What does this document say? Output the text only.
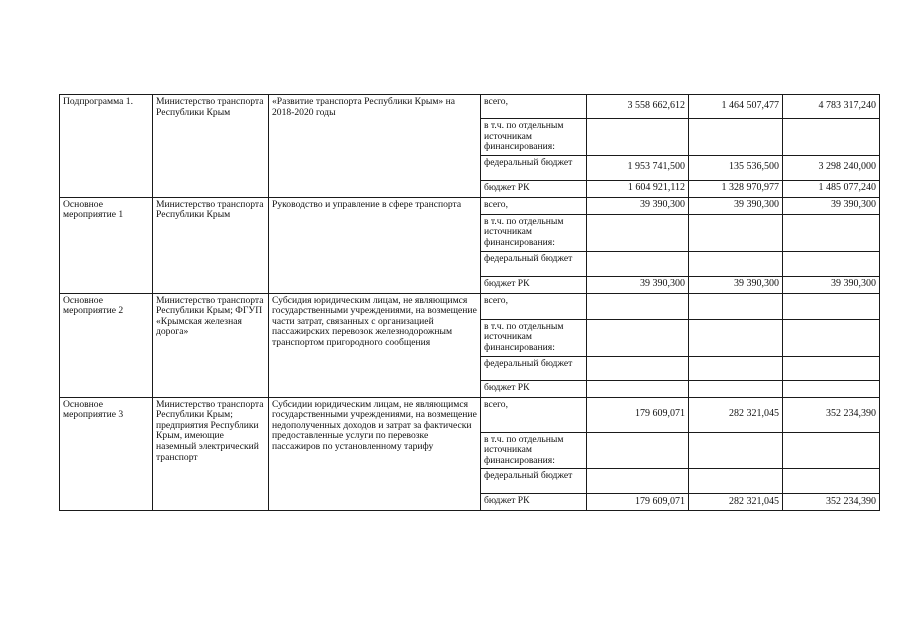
Подпрограмма 1.	Министерство транспорта Республики Крым	«Развитие транспорта Республики Крым» на 2018-2020 годы	всего,	3 558 662,612	1 464 507,477	4 783 317,240
			в т.ч. по отдельным источникам финансирования:			
			федеральный бюджет	1 953 741,500	135 536,500	3 298 240,000
			бюджет РК	1 604 921,112	1 328 970,977	1 485 077,240
Основное мероприятие 1	Министерство транспорта Республики Крым	Руководство и управление в сфере транспорта	всего,	39 390,300	39 390,300	39 390,300
			в т.ч. по отдельным источникам финансирования:			
			федеральный бюджет			
			бюджет РК	39 390,300	39 390,300	39 390,300
Основное мероприятие 2	Министерство транспорта Республики Крым; ФГУП «Крымская железная дорога»	Субсидия юридическим лицам, не являющимся государственными учреждениями, на возмещение части затрат, связанных с организацией пассажирских перевозок железнодорожным транспортом пригородного сообщения	всего,			
			в т.ч. по отдельным источникам финансирования:			
			федеральный бюджет			
			бюджет РК			
Основное мероприятие 3	Министерство транспорта Республики Крым; предприятия Республики Крым, имеющие наземный электрический транспорт	Субсидии юридическим лицам, не являющимся государственными учреждениями, на возмещение недополученных доходов и затрат за фактически предоставленные услуги по перевозке пассажиров по установленному тарифу	всего,	179 609,071	282 321,045	352 234,390
			в т.ч. по отдельным источникам финансирования:			
			федеральный бюджет			
			бюджет РК	179 609,071	282 321,045	352 234,390
